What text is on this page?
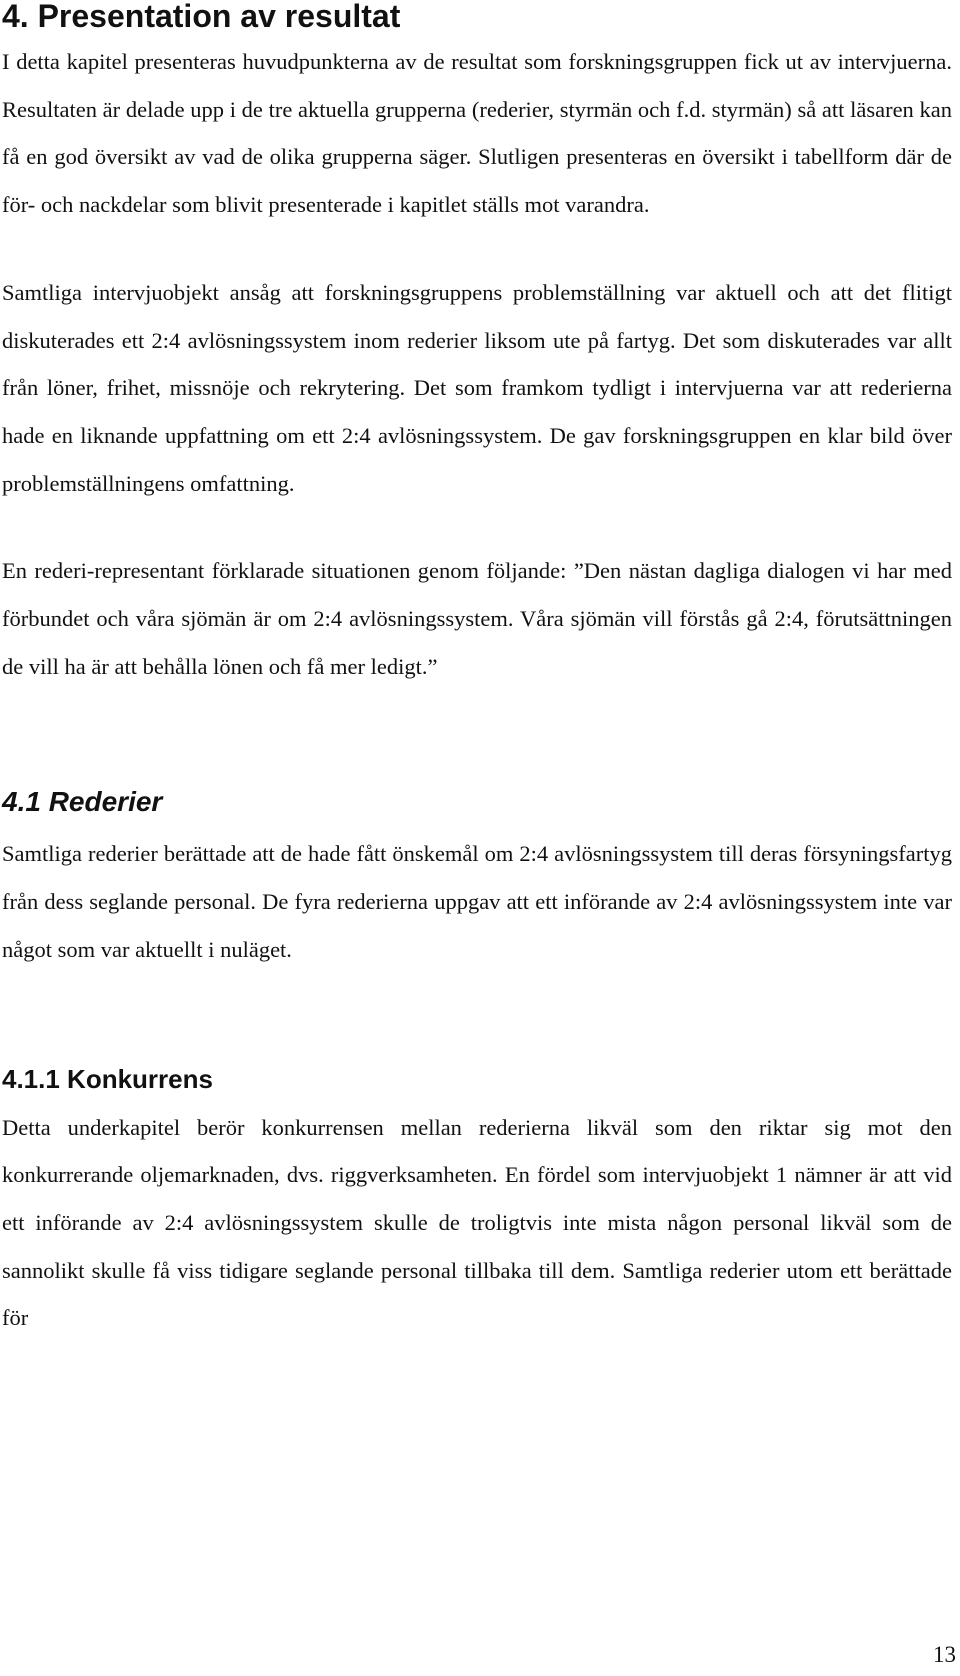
4. Presentation av resultat

I detta kapitel presenteras huvudpunkterna av de resultat som forskningsgruppen fick ut av intervjuerna. Resultaten är delade upp i de tre aktuella grupperna (rederier, styrmän och f.d. styrmän) så att läsaren kan få en god översikt av vad de olika grupperna säger. Slutligen presenteras en översikt i tabellform där de för- och nackdelar som blivit presenterade i kapitlet ställs mot varandra.

Samtliga intervjuobjekt ansåg att forskningsgruppens problemställning var aktuell och att det flitigt diskuterades ett 2:4 avlösningssystem inom rederier liksom ute på fartyg. Det som diskuterades var allt från löner, frihet, missnöje och rekrytering. Det som framkom tydligt i intervjuerna var att rederierna hade en liknande uppfattning om ett 2:4 avlösningssystem. De gav forskningsgruppen en klar bild över problemställningens omfattning.

En rederi-representant förklarade situationen genom följande: ”Den nästan dagliga dialogen vi har med förbundet och våra sjömän är om 2:4 avlösningssystem. Våra sjömän vill förstås gå 2:4, förutsättningen de vill ha är att behålla lönen och få mer ledigt.”

4.1 Rederier

Samtliga rederier berättade att de hade fått önskemål om 2:4 avlösningssystem till deras försyningsfartyg från dess seglande personal. De fyra rederierna uppgav att ett införande av 2:4 avlösningssystem inte var något som var aktuellt i nuläget.

4.1.1 Konkurrens

Detta underkapitel berör konkurrensen mellan rederierna likväl som den riktar sig mot den konkurrerande oljemarknaden, dvs. riggverksamheten. En fördel som intervjuobjekt 1 nämner är att vid ett införande av 2:4 avlösningssystem skulle de troligtvis inte mista någon personal likväl som de sannolikt skulle få viss tidigare seglande personal tillbaka till dem. Samtliga rederier utom ett berättade för

13
